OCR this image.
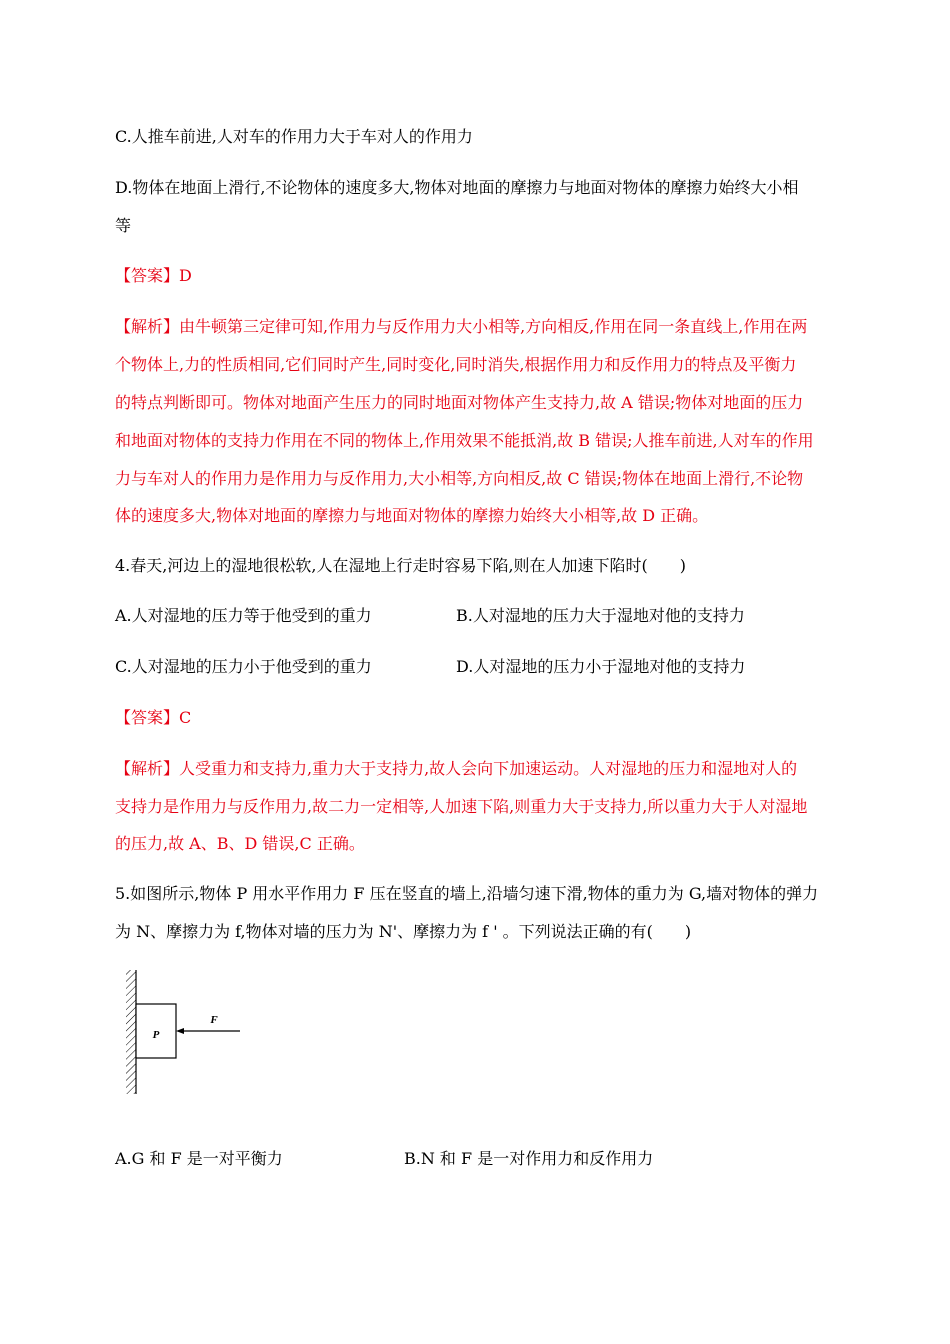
C.人推车前进,人对车的作用力大于车对人的作用力
D.物体在地面上滑行,不论物体的速度多大,物体对地面的摩擦力与地面对物体的摩擦力始终大小相
等
【答案】D
【解析】由牛顿第三定律可知,作用力与反作用力大小相等,方向相反,作用在同一条直线上,作用在两
个物体上,力的性质相同,它们同时产生,同时变化,同时消失,根据作用力和反作用力的特点及平衡力
的特点判断即可。物体对地面产生压力的同时地面对物体产生支持力,故 A 错误;物体对地面的压力
和地面对物体的支持力作用在不同的物体上,作用效果不能抵消,故 B 错误;人推车前进,人对车的作用
力与车对人的作用力是作用力与反作用力,大小相等,方向相反,故 C 错误;物体在地面上滑行,不论物
体的速度多大,物体对地面的摩擦力与地面对物体的摩擦力始终大小相等,故 D 正确。
4.春天,河边上的湿地很松软,人在湿地上行走时容易下陷,则在人加速下陷时(　　)
A.人对湿地的压力等于他受到的重力	B.人对湿地的压力大于湿地对他的支持力
C.人对湿地的压力小于他受到的重力	D.人对湿地的压力小于湿地对他的支持力
【答案】C
【解析】人受重力和支持力,重力大于支持力,故人会向下加速运动。人对湿地的压力和湿地对人的
支持力是作用力与反作用力,故二力一定相等,人加速下陷,则重力大于支持力,所以重力大于人对湿地
的压力,故 A、B、D 错误,C 正确。
5.如图所示,物体 P 用水平作用力 F 压在竖直的墙上,沿墙匀速下滑,物体的重力为 G,墙对物体的弹力
为 N、摩擦力为 f,物体对墙的压力为 N'、摩擦力为 f ' 。下列说法正确的有(　　)
P
F
A.G 和 F 是一对平衡力	B.N 和 F 是一对作用力和反作用力
